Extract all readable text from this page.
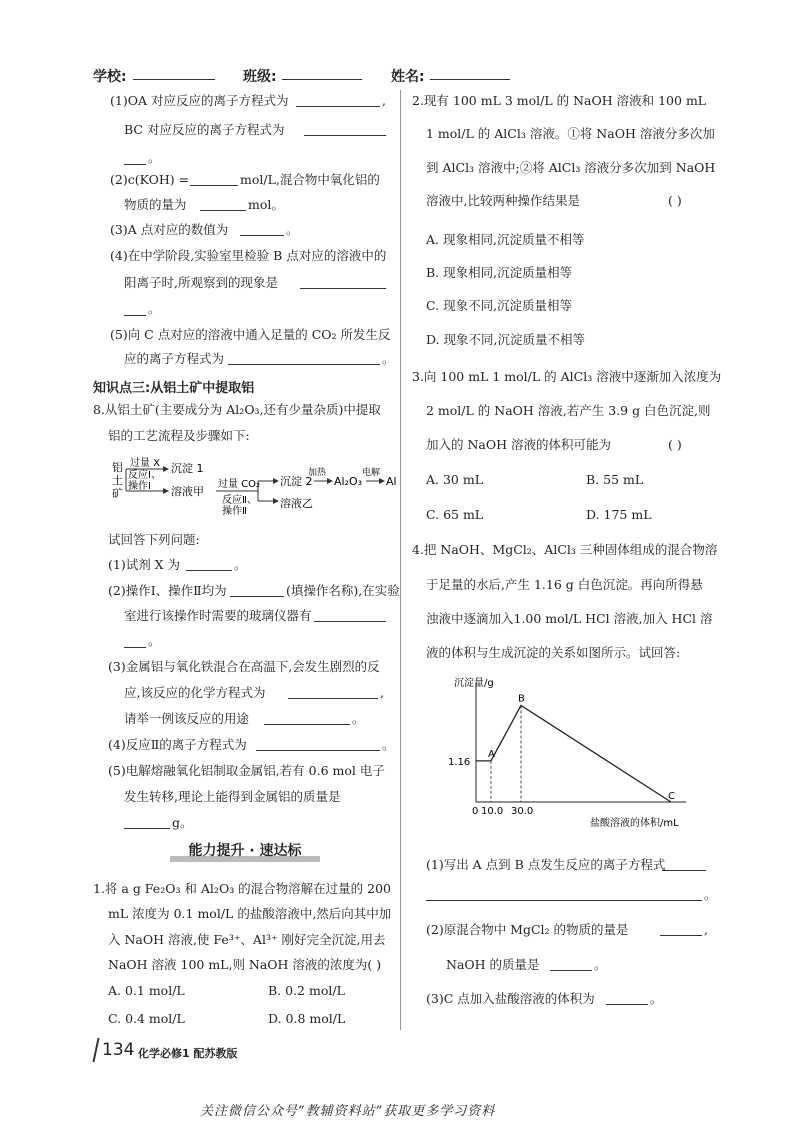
学校:	班级:	姓名:
(1)OA 对应反应的离子方程式为	,
BC 对应反应的离子方程式为
。
(2)c(KOH) =	mol/L,混合物中氧化铝的
物质的量为	mol。
(3)A 点对应的数值为	。
(4)在中学阶段,实验室里检验 B 点对应的溶液中的
阳离子时,所观察到的现象是
。
(5)向 C 点对应的溶液中通入足量的 CO₂ 所发生反
应的离子方程式为	。
知识点三:从铝土矿中提取铝
8.从铝土矿(主要成分为 Al₂O₃,还有少量杂质)中提取
铝的工艺流程及步骤如下:
铝
土
矿
过量 X
反应Ⅰ、
操作Ⅰ
沉淀 1
溶液甲
过量 CO₂
反应Ⅱ、
操作Ⅱ
沉淀 2
溶液乙
加热
Al₂O₃
电解
Al
试回答下列问题:
(1)试剂 X 为	。
(2)操作Ⅰ、操作Ⅱ均为	(填操作名称),在实验
室进行该操作时需要的玻璃仪器有
。
(3)金属铝与氧化铁混合在高温下,会发生剧烈的反
应,该反应的化学方程式为	,
请举一例该反应的用途	。
(4)反应Ⅱ的离子方程式为	。
(5)电解熔融氧化铝制取金属铝,若有 0.6 mol 电子
发生转移,理论上能得到金属铝的质量是
g。
能力提升 · 速达标
1.将 a g Fe₂O₃ 和 Al₂O₃ 的混合物溶解在过量的 200
mL 浓度为 0.1 mol/L 的盐酸溶液中,然后向其中加
入 NaOH 溶液,使 Fe³⁺、Al³⁺ 刚好完全沉淀,用去
NaOH 溶液 100 mL,则 NaOH 溶液的浓度为( )
A. 0.1 mol/L	B. 0.2 mol/L
C. 0.4 mol/L	D. 0.8 mol/L
2.现有 100 mL 3 mol/L 的 NaOH 溶液和 100 mL
1 mol/L 的 AlCl₃ 溶液。①将 NaOH 溶液分多次加
到 AlCl₃ 溶液中;②将 AlCl₃ 溶液分多次加到 NaOH
溶液中,比较两种操作结果是	( )
A. 现象相同,沉淀质量不相等
B. 现象相同,沉淀质量相等
C. 现象不同,沉淀质量相等
D. 现象不同,沉淀质量不相等
3.向 100 mL 1 mol/L 的 AlCl₃ 溶液中逐渐加入浓度为
2 mol/L 的 NaOH 溶液,若产生 3.9 g 白色沉淀,则
加入的 NaOH 溶液的体积可能为	( )
A. 30 mL	B. 55 mL
C. 65 mL	D. 175 mL
4.把 NaOH、MgCl₂、AlCl₃ 三种固体组成的混合物溶
于足量的水后,产生 1.16 g 白色沉淀。再向所得悬
浊液中逐滴加入1.00 mol/L HCl 溶液,加入 HCl 溶
液的体积与生成沉淀的关系如图所示。试回答:
沉淀量/g
盐酸溶液的体积/mL
A
B
C
0 10.0 30.0
1.16
(1)写出 A 点到 B 点发生反应的离子方程式
。
(2)原混合物中 MgCl₂ 的物质的量是	,
NaOH 的质量是	。
(3)C 点加入盐酸溶液的体积为	。
134 化学必修1 配苏教版
关注微信公众号“教辅资料站”获取更多学习资料
